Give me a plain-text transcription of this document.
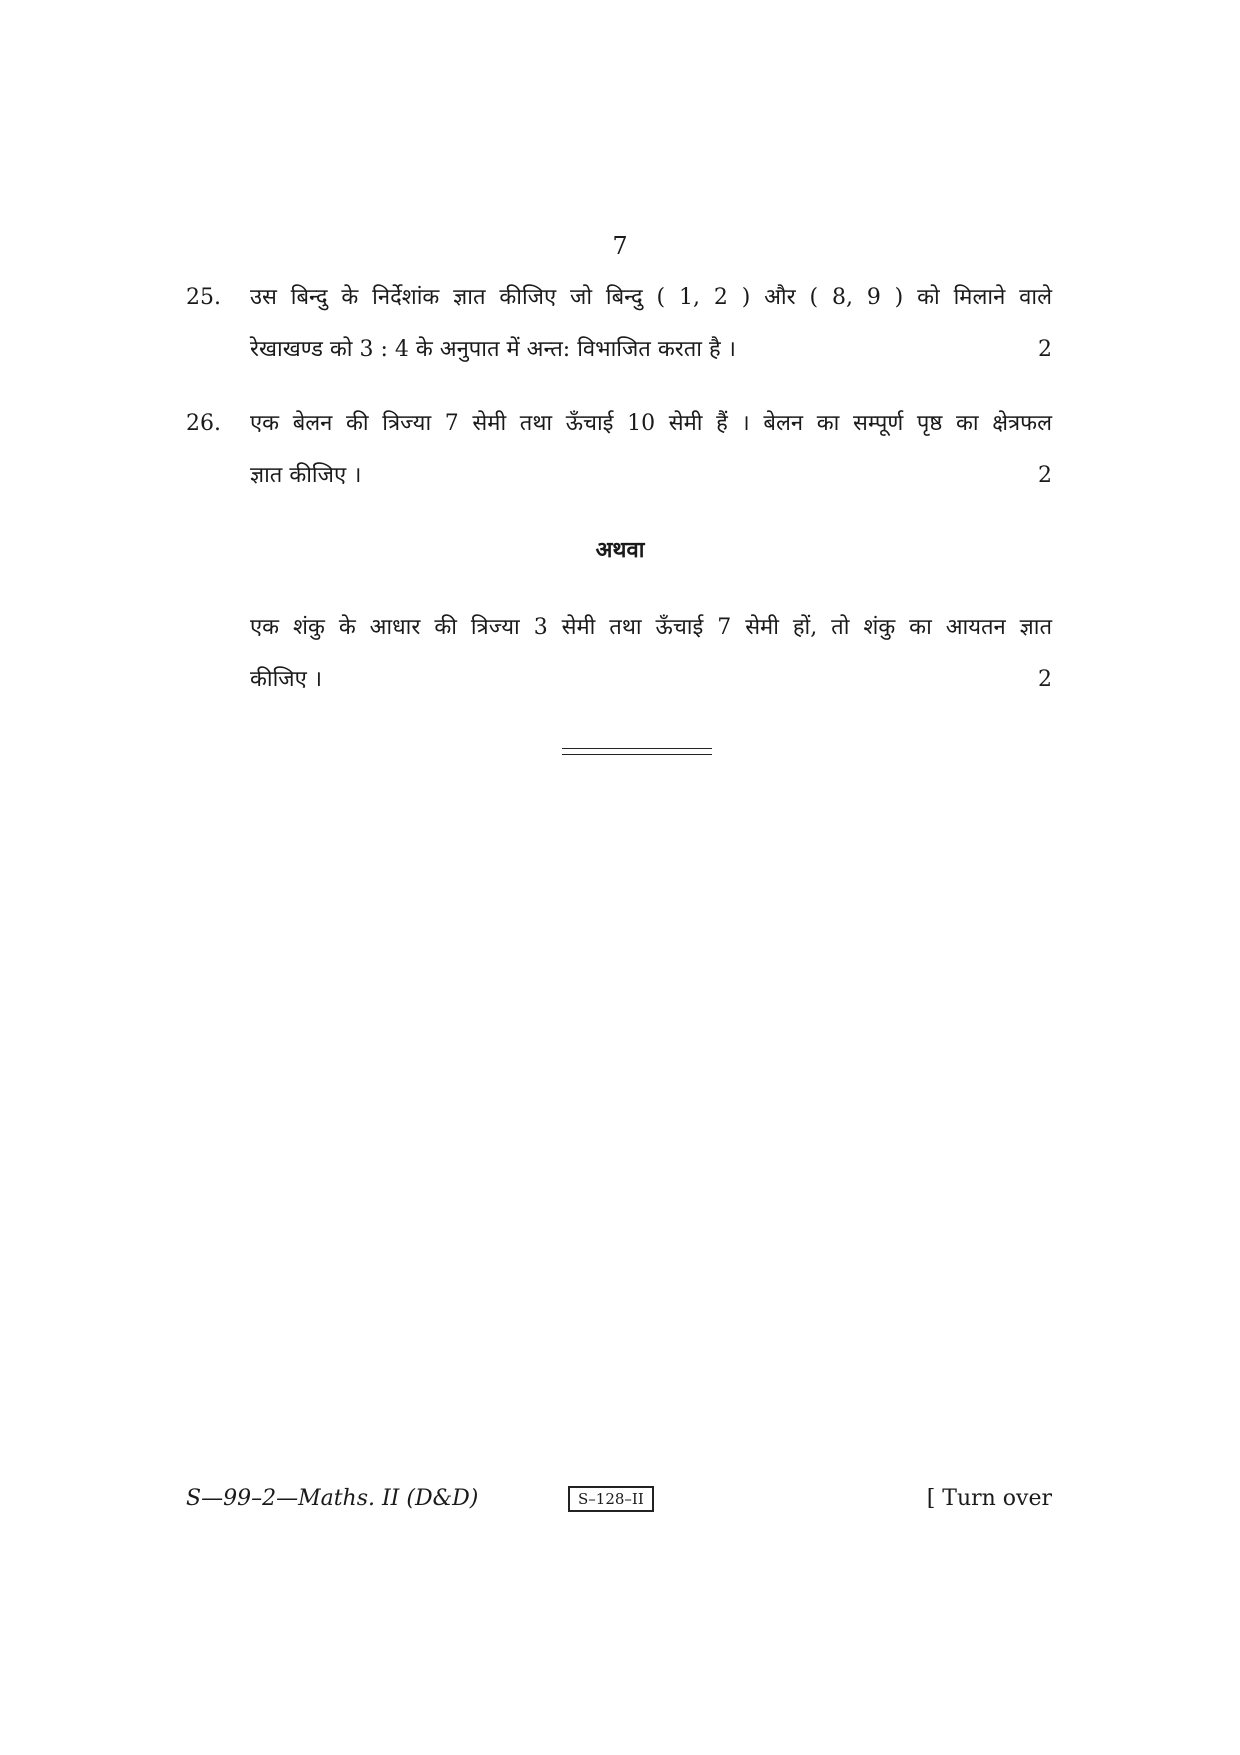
7
25.	उस बिन्दु के निर्देशांक ज्ञात कीजिए जो बिन्दु ( 1, 2 ) और ( 8, 9 ) को मिलाने वाले
रेखाखण्ड को 3 : 4 के अनुपात में अन्त: विभाजित करता है ।	2
26.	एक बेलन की त्रिज्या 7 सेमी तथा ऊँचाई 10 सेमी हैं । बेलन का सम्पूर्ण पृष्ठ का क्षेत्रफल
ज्ञात कीजिए ।	2
अथवा
एक शंकु के आधार की त्रिज्या 3 सेमी तथा ऊँचाई 7 सेमी हों, तो शंकु का आयतन ज्ञात
कीजिए ।	2
S—99–2—Maths. II (D&D)	S–128–II	[ Turn over
